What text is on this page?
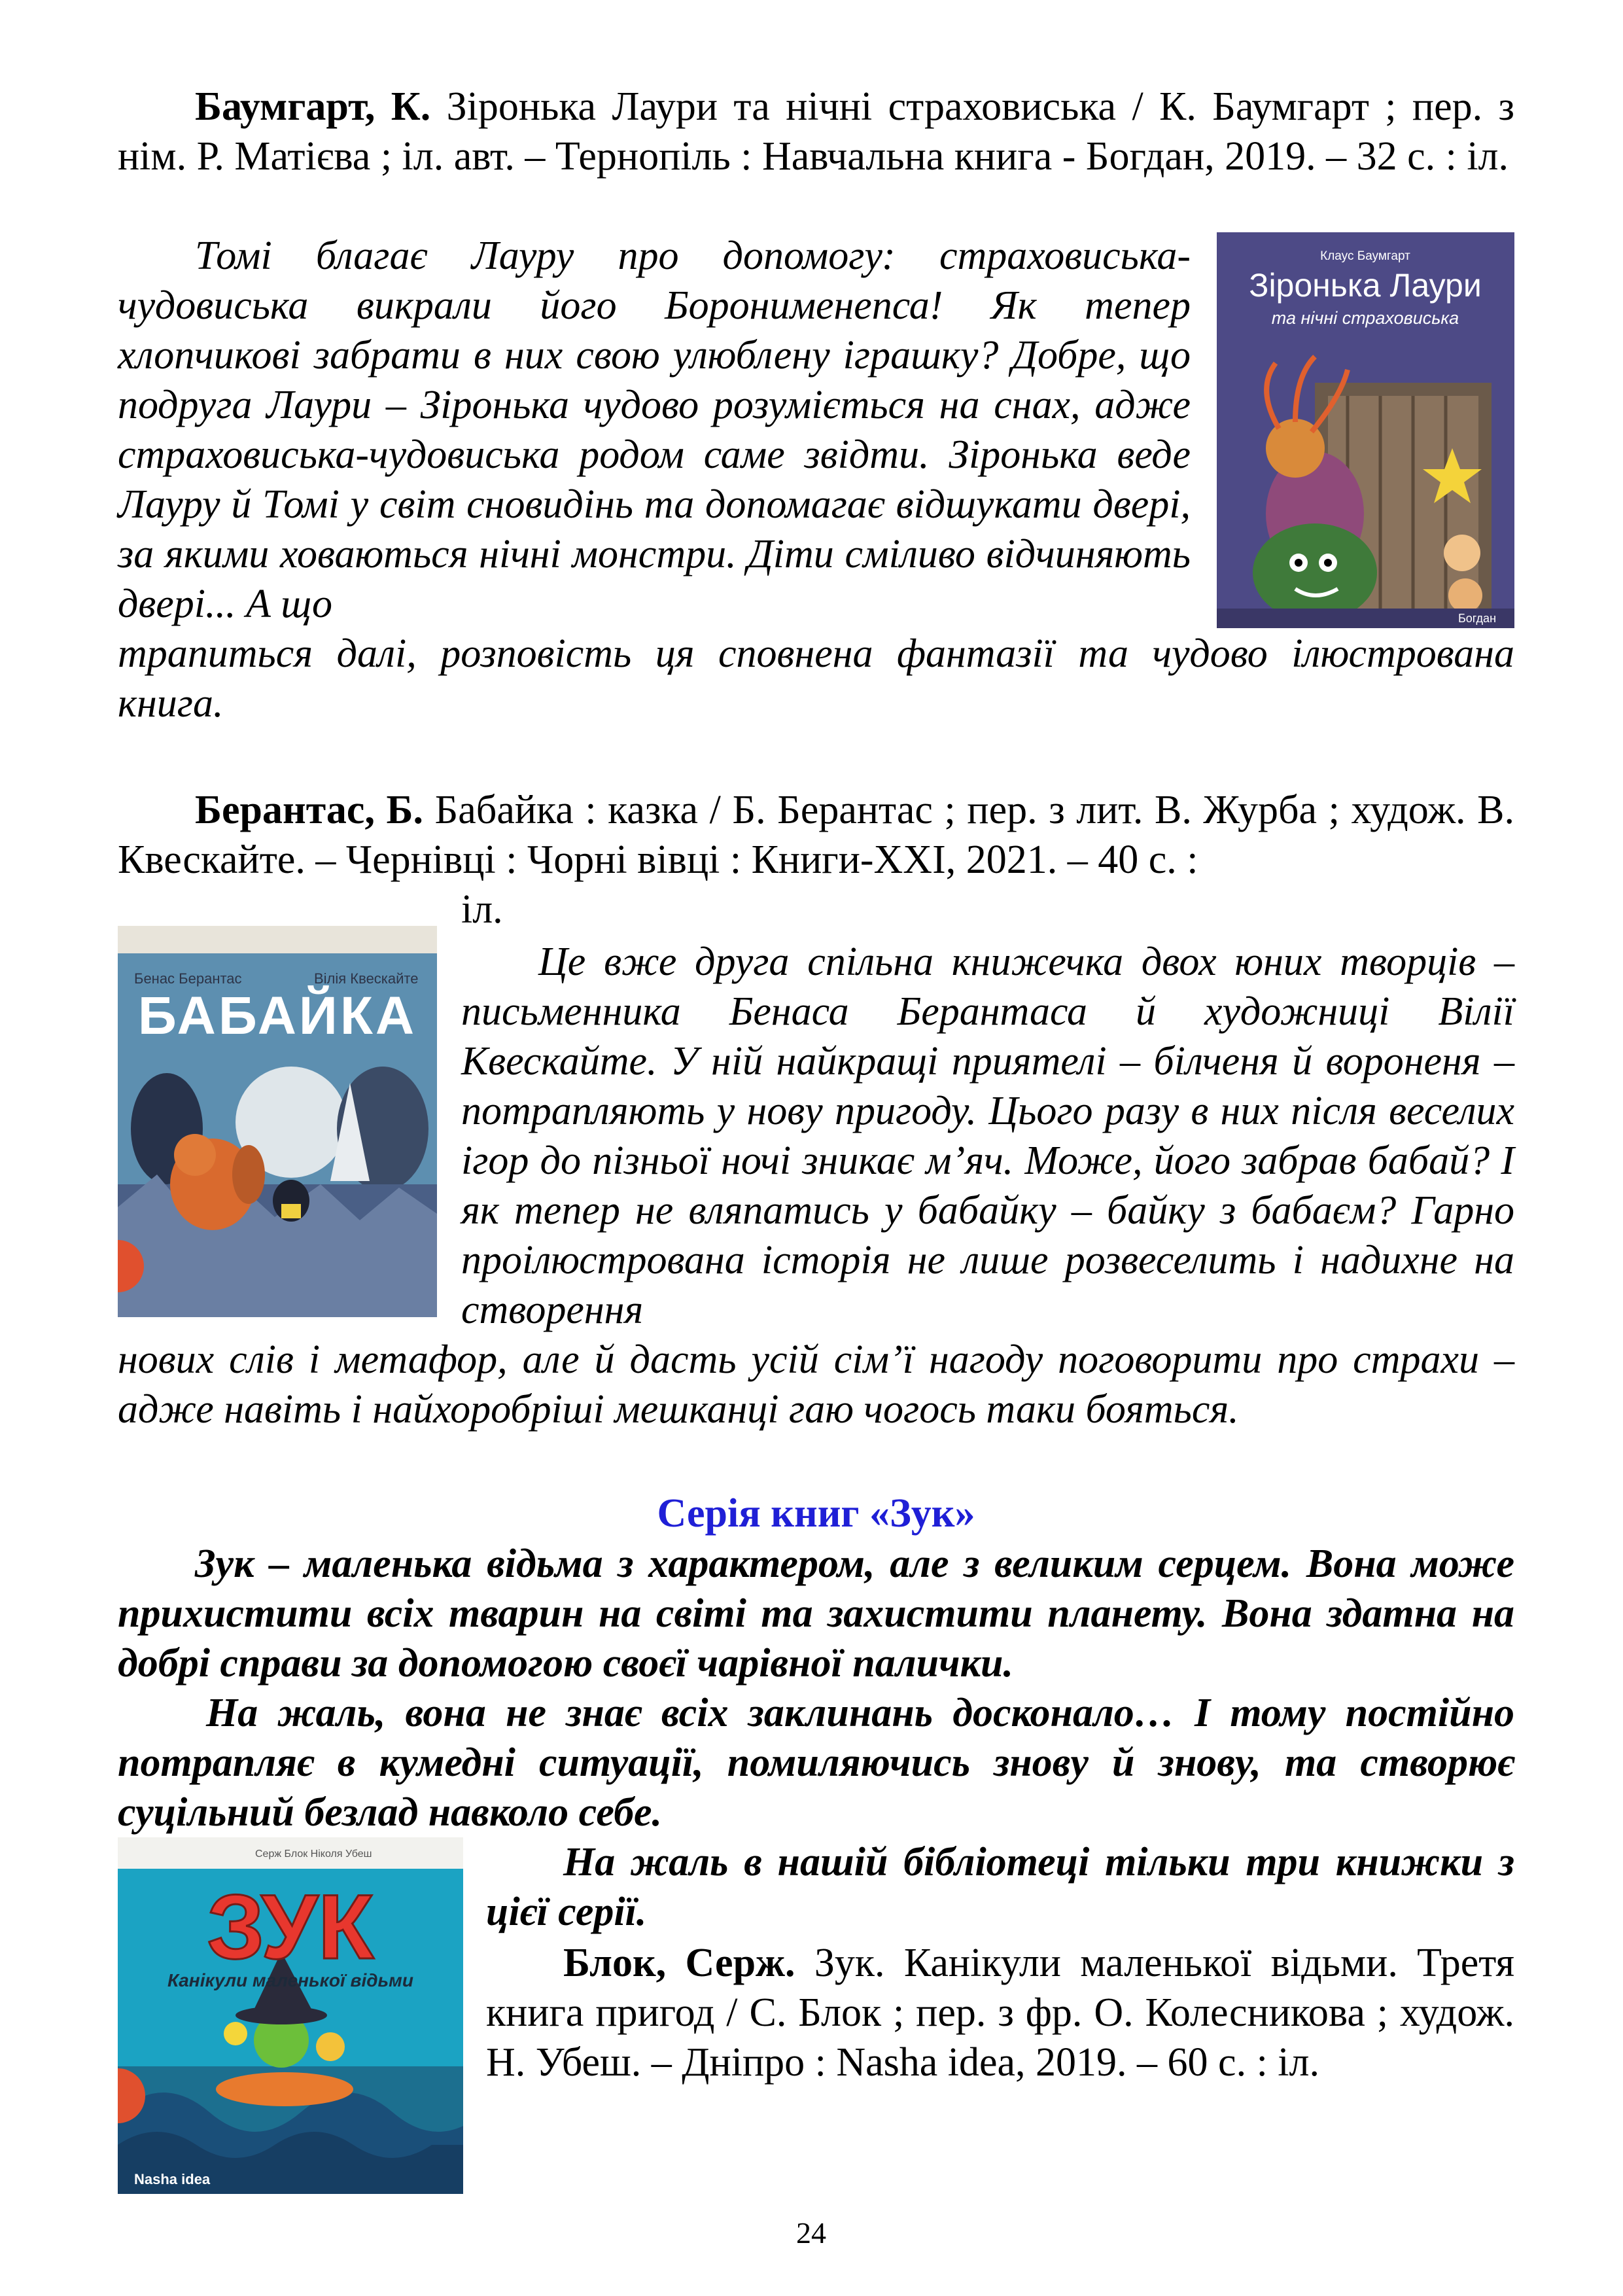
Баумгарт, К. Зіронька Лаури та нічні страховиська / К. Баумгарт ; пер. з нім. Р. Матієва ; іл. авт. – Тернопіль : Навчальна книга - Богдан, 2019. – 32 с. : іл.

Клаус Баумгарт
Зіронька Лаури
та нічні страховиська
Богдан

Томі благає Лауру про допомогу: страховиська-чудовиська викрали його Боронименепса! Як тепер хлопчикові забрати в них свою улюблену іграшку? Добре, що подруга Лаури – Зіронька чудово розуміється на снах, адже страховиська-чудовиська родом саме звідти. Зіронька веде Лауру й Томі у світ сновидінь та допомагає відшукати двері, за якими ховаються нічні монстри. Діти сміливо відчиняють двері... А що

трапиться далі, розповість ця сповнена фантазії та чудово ілюстрована книга.

Берантас, Б. Бабайка : казка / Б. Берантас ; пер. з лит. В. Журба ; худож. В. Квескайте. – Чернівці : Чорні вівці : Книги-ХХІ, 2021. – 40 с. :

іл.

Бенас Берантас	Вілія Квескайте
БАБАЙКА

Це вже друга спільна книжечка двох юних творців – письменника Бенаса Берантаса й художниці Вілії Квескайте. У ній найкращі приятелі – білченя й вороненя – потрапляють у нову пригоду. Цього разу в них після веселих ігор до пізньої ночі зникає м’яч. Може, його забрав бабай? І як тепер не вляпатись у бабайку – байку з бабаєм? Гарно проілюстрована історія не лише розвеселить і надихне на створення

нових слів і метафор, але й дасть усій сім’ї нагоду поговорити про страхи – адже навіть і найхоробріші мешканці гаю чогось таки бояться.

Серія книг «Зук»

Зук – маленька відьма з характером, але з великим серцем. Вона може прихистити всіх тварин на світі та захистити планету. Вона здатна на добрі справи за допомогою своєї чарівної палички.

На жаль, вона не знає всіх заклинань досконало… І тому постійно потрапляє в кумедні ситуації, помиляючись знову й знову, та створює суцільний безлад навколо себе.

Серж Блок Ніколя Убеш
ЗУК
Канікули маленької відьми
Nasha idea

На жаль в нашій бібліотеці тільки три книжки з цієї серії.

Блок, Серж. Зук. Канікули маленької відьми. Третя книга пригод / С. Блок ; пер. з фр. О. Колесникова ; худож. Н. Убеш. – Дніпро : Nasha idea, 2019. – 60 с. : іл.

24
